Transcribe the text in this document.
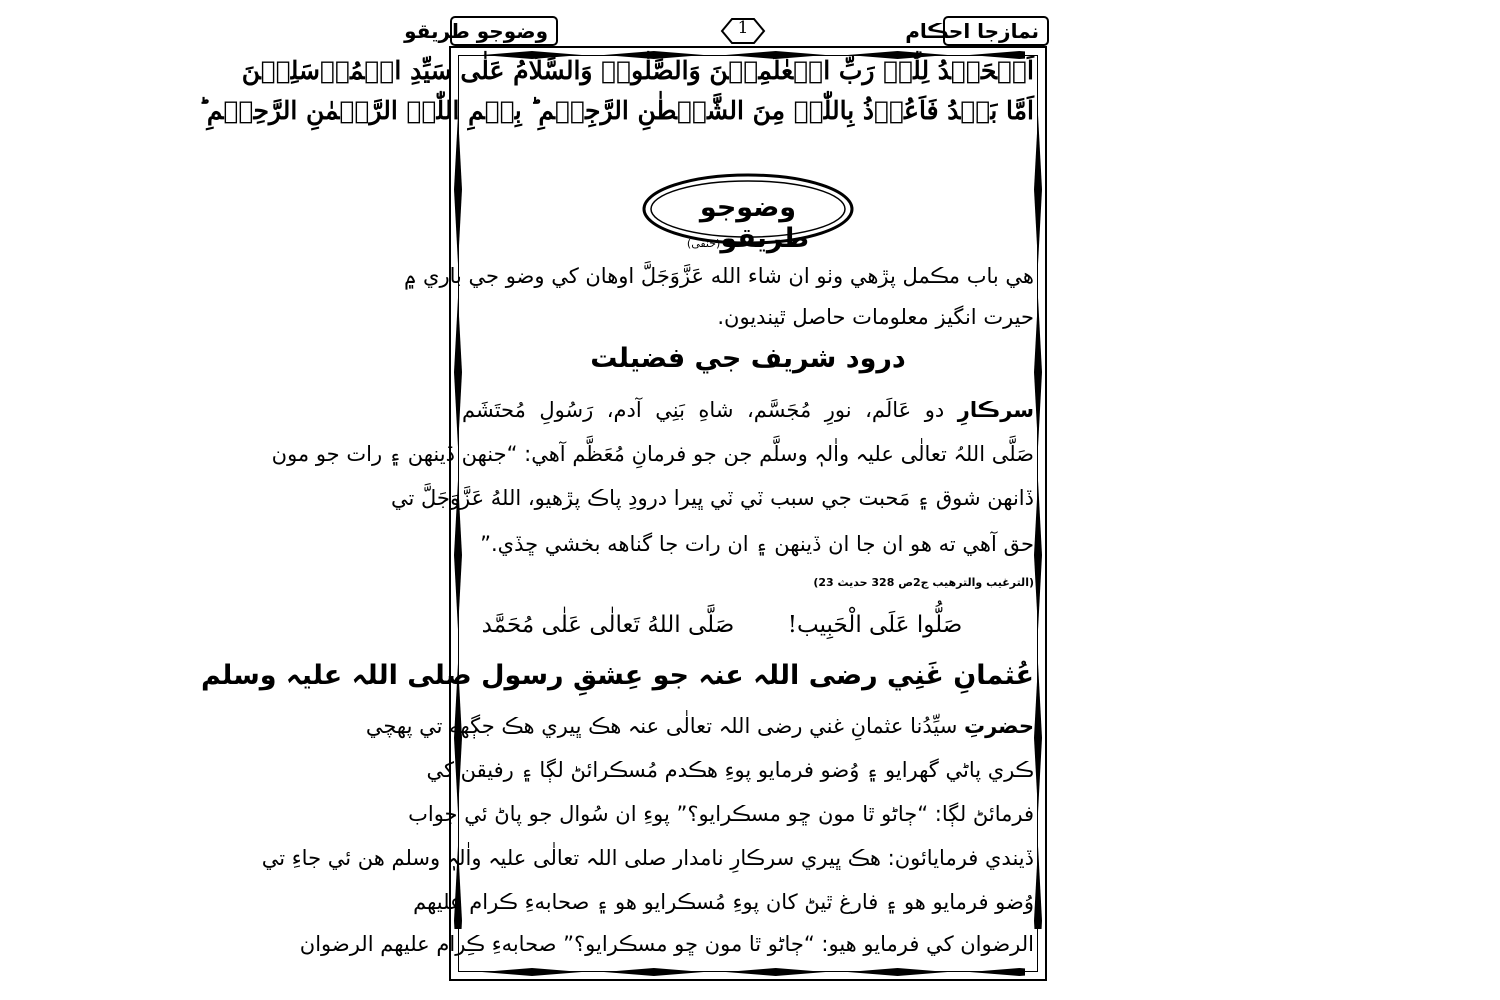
وضوجو طريقو	1	نمازجا احڪام
اَلۡحَمۡدُ لِلّٰہِ رَبِّ الۡعٰلَمِیۡنَ وَالصَّلٰوۃُ وَالسَّلَامُ عَلٰی سَیِّدِ الۡمُرۡسَلِیۡنَ
اَمَّا بَعۡدُ فَاَعُوۡذُ بِاللّٰہِ مِنَ الشَّیۡطٰنِ الرَّجِیۡمِ ؕ بِسۡمِ اللّٰہِ الرَّحۡمٰنِ الرَّحِیۡمِ ؕ
وضوجو طريقو(حنفی)
هي باب مڪمل پڙهي وٺو ان شاء الله عَزَّوَجَلَّ اوهان کي وضو جي باري ۾
حيرت انگيز معلومات حاصل ٿينديون.
درود شريف جي فضيلت
سرڪارِ دو عَالَم، نورِ مُجَسَّم، شاهِ بَنِي آدم، رَسُولِ مُحتَشَم
صَلَّی اللہُ تعالٰی علیہ واٰلہٖ وسلَّم جن جو فرمانِ مُعَظَّم آهي: “جنهن ڏينهن ۽ رات جو مون
ڏانهن شوق ۽ مَحبت جي سبب ٽي ٽي ڀيرا درودِ پاڪ پڙهيو، اللهُ عَزَّوَجَلَّ تي
حق آهي ته هو ان جا ان ڏينهن ۽ ان رات جا گناهه بخشي ڇڏي.”
(الترغيب والترهيب ج2ص 328 حديث 23)
صَلُّوا عَلَى الْحَبِيب!
صَلَّى اللهُ تَعالٰى عَلٰى مُحَمَّد
عُثمانِ غَنِي رضی اللہ عنہ جو عِشقِ رسول صلی اللہ علیہ وسلم
حضرتِ سيِّدُنا عثمانِ غني رضی اللہ تعالٰی عنہ هڪ ڀيري هڪ جڳهه تي پهچي
ڪري پاڻي گهرايو ۽ وُضو فرمايو پوءِ هڪدم مُسڪرائڻ لڳا ۽ رفيقن کي
فرمائڻ لڳا: “ڄاڻو ٿا مون ڇو مسڪرايو؟” پوءِ ان سُوال جو پاڻ ئي جواب
ڏيندي فرمايائون: هڪ ڀيري سرڪارِ نامدار صلی اللہ تعالٰی علیہ واٰلہٖ وسلم هن ئي جاءِ تي
وُضو فرمايو هو ۽ فارغ ٿيڻ کان پوءِ مُسڪرايو هو ۽ صحابهءِ ڪرام عليهم
الرضوان کي فرمايو هيو: “ڄاڻو ٿا مون ڇو مسڪرايو؟” صحابهءِ ڪِرام عليهم الرضوان
